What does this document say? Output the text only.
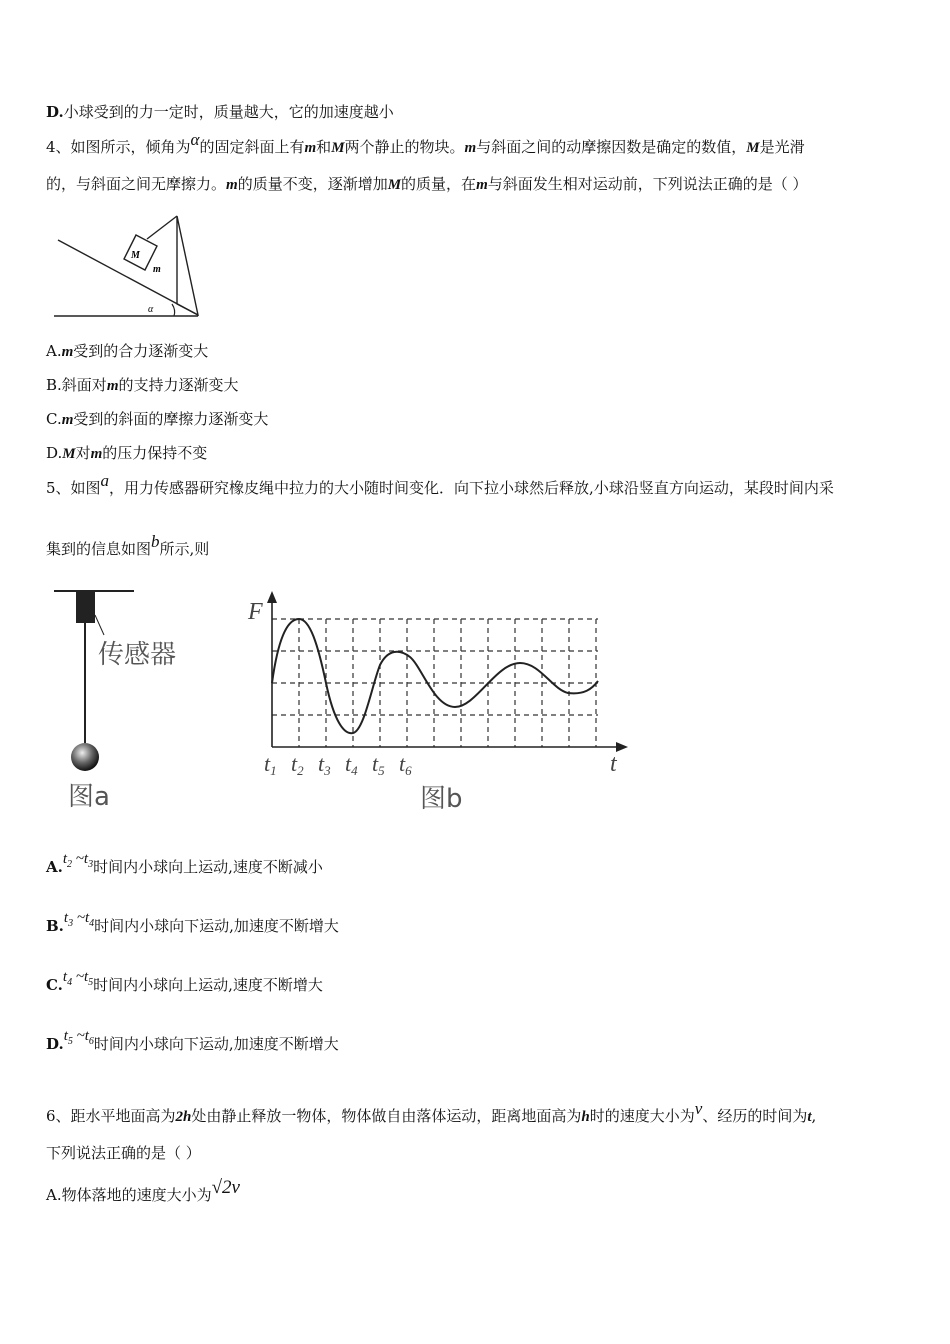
D.小球受到的力一定时，质量越大，它的加速度越小
4、如图所示，倾角为α的固定斜面上有m和M两个静止的物块。m与斜面之间的动摩擦因数是确定的数值，M是光滑
的，与斜面之间无摩擦力。m的质量不变，逐渐增加M的质量，在m与斜面发生相对运动前，下列说法正确的是（ ）
M
m
α
A.m受到的合力逐渐变大
B.斜面对m的支持力逐渐变大
C.m受到的斜面的摩擦力逐渐变大
D.M对m的压力保持不变
5、如图a，用力传感器研究橡皮绳中拉力的大小随时间变化．向下拉小球然后释放,小球沿竖直方向运动，某段时间内采
集到的信息如图b所示,则
传感器
图a
F
t
t1 t2 t3 t4 t5 t6
图b
$A.t_2$ $\sim t_3$时间内小球向上运动,速度不断减小
$B.t_3$ $\sim t_4$时间内小球向下运动,加速度不断增大
$C.t_4$ $\sim t_5$时间内小球向上运动,速度不断增大
$D.t_5$ $\sim t_6$时间内小球向下运动,加速度不断增大
6、距水平地面高为2h处由静止释放一物体，物体做自由落体运动，距离地面高为h时的速度大小为v、经历的时间为t,
下列说法正确的是（ ）
A.物体落地的速度大小为√2v
